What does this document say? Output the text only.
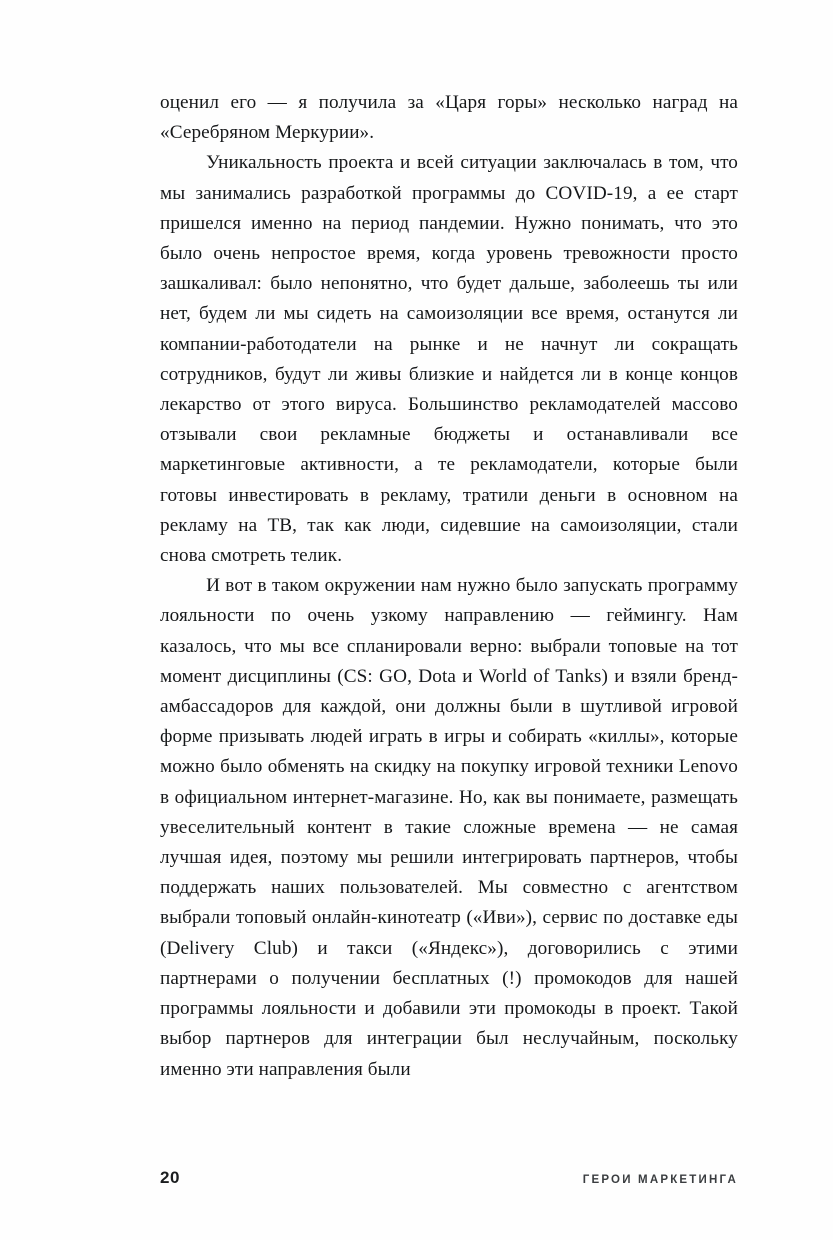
оценил его — я получила за «Царя горы» несколько наград на «Серебряном Меркурии».

Уникальность проекта и всей ситуации заключалась в том, что мы занимались разработкой программы до COVID-19, а ее старт пришелся именно на период пандемии. Нужно понимать, что это было очень непростое время, когда уровень тревожности просто зашкаливал: было непонятно, что будет дальше, заболеешь ты или нет, будем ли мы сидеть на самоизоляции все время, останутся ли компании-работодатели на рынке и не начнут ли сокращать сотрудников, будут ли живы близкие и найдется ли в конце концов лекарство от этого вируса. Большинство рекламодателей массово отзывали свои рекламные бюджеты и останавливали все маркетинговые активности, а те рекламодатели, которые были готовы инвестировать в рекламу, тратили деньги в основном на рекламу на ТВ, так как люди, сидевшие на самоизоляции, стали снова смотреть телик.

И вот в таком окружении нам нужно было запускать программу лояльности по очень узкому направлению — геймингу. Нам казалось, что мы все спланировали верно: выбрали топовые на тот момент дисциплины (CS: GO, Dota и World of Tanks) и взяли бренд-амбассадоров для каждой, они должны были в шутливой игровой форме призывать людей играть в игры и собирать «киллы», которые можно было обменять на скидку на покупку игровой техники Lenovo в официальном интернет-магазине. Но, как вы понимаете, размещать увеселительный контент в такие сложные времена — не самая лучшая идея, поэтому мы решили интегрировать партнеров, чтобы поддержать наших пользователей. Мы совместно с агентством выбрали топовый онлайн-кинотеатр («Иви»), сервис по доставке еды (Delivery Club) и такси («Яндекс»), договорились с этими партнерами о получении бесплатных (!) промокодов для нашей программы лояльности и добавили эти промокоды в проект. Такой выбор партнеров для интеграции был неслучайным, поскольку именно эти направления были

20	ГЕРОИ МАРКЕТИНГА
